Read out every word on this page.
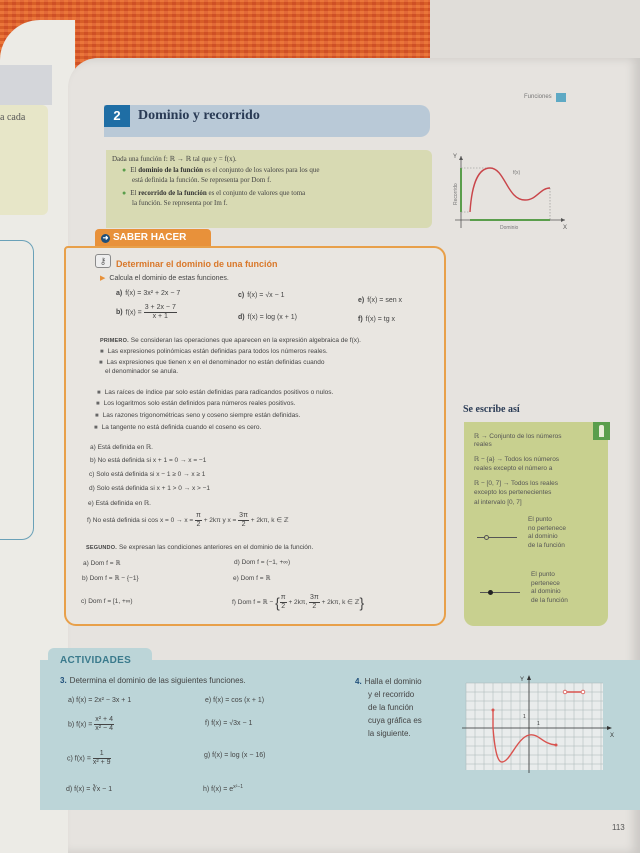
a cada
Funciones
2	Dominio y recorrido
Dada una función f: ℝ → ℝ tal que y = f(x).
● El dominio de la función es el conjunto de los valores para los que
está definida la función. Se representa por Dom f.
● El recorrido de la función es el conjunto de valores que toma
la función. Se representa por Im f.
Y
X
f(x)
Dominio
Recorrido
➜ SABER HACER
⚷	Determinar el dominio de una función
▶ Calcula el dominio de estas funciones.
a) f(x) = 3x² + 2x − 7
b) $f(x) = \frac{3 + 2x - 7}{x + 1}$
c) f(x) = √x − 1
d) f(x) = log (x + 1)
e) f(x) = sen x
f) f(x) = tg x
PRIMERO. Se consideran las operaciones que aparecen en la expresión algebraica de f(x).
■ Las expresiones polinómicas están definidas para todos los números reales.
■ Las expresiones que tienen x en el denominador no están definidas cuando
el denominador se anula.
■ Las raíces de índice par solo están definidas para radicandos positivos o nulos.
■ Los logaritmos solo están definidos para números reales positivos.
■ Las razones trigonométricas seno y coseno siempre están definidas.
■ La tangente no está definida cuando el coseno es cero.
a) Está definida en ℝ.
b) No está definida si x + 1 = 0 → x = −1
c) Solo está definida si x − 1 ≥ 0 → x ≥ 1
d) Solo está definida si x + 1 > 0 → x > −1
e) Está definida en ℝ.
f) No está definida si $\cos x = 0 \to x = \frac{\pi}{2} + 2k\pi$ y $x = \frac{3\pi}{2} + 2k\pi$, k ∈ ℤ
SEGUNDO. Se expresan las condiciones anteriores en el dominio de la función.
a) Dom f = ℝ
b) Dom f = ℝ − {−1}
c) Dom f = [1, +∞)
d) Dom f = (−1, +∞)
e) Dom f = ℝ
f) Dom f = ℝ − { $\frac{\pi}{2} + 2k\pi$, $\frac{3\pi}{2} + 2k\pi$, k ∈ ℤ}
Se escribe así
ℝ → Conjunto de los números
reales
ℝ − {a} → Todos los números
reales excepto el número a
ℝ − [0, 7] → Todos los reales
excepto los pertenecientes
al intervalo [0, 7]
El punto
no pertenece
al dominio
de la función
El punto
pertenece
al dominio
de la función
ACTIVIDADES
3. Determina el dominio de las siguientes funciones.
a) f(x) = 2x² − 3x + 1
b) $f(x) = \frac{\text{x² + 4}}{\text{x² − 4}}$
c) $f(x) = \frac{1}{\text{x² + 9}}$
d) f(x) = ∛x − 1
e) f(x) = cos (x + 1)
f) f(x) = √3x − 1
g) f(x) = log (x − 16)
h) $f(x) = e^{x^2-1}$
4. Halla el dominio
y el recorrido
de la función
cuya gráfica es
la siguiente.
Y
X
1
1
113
